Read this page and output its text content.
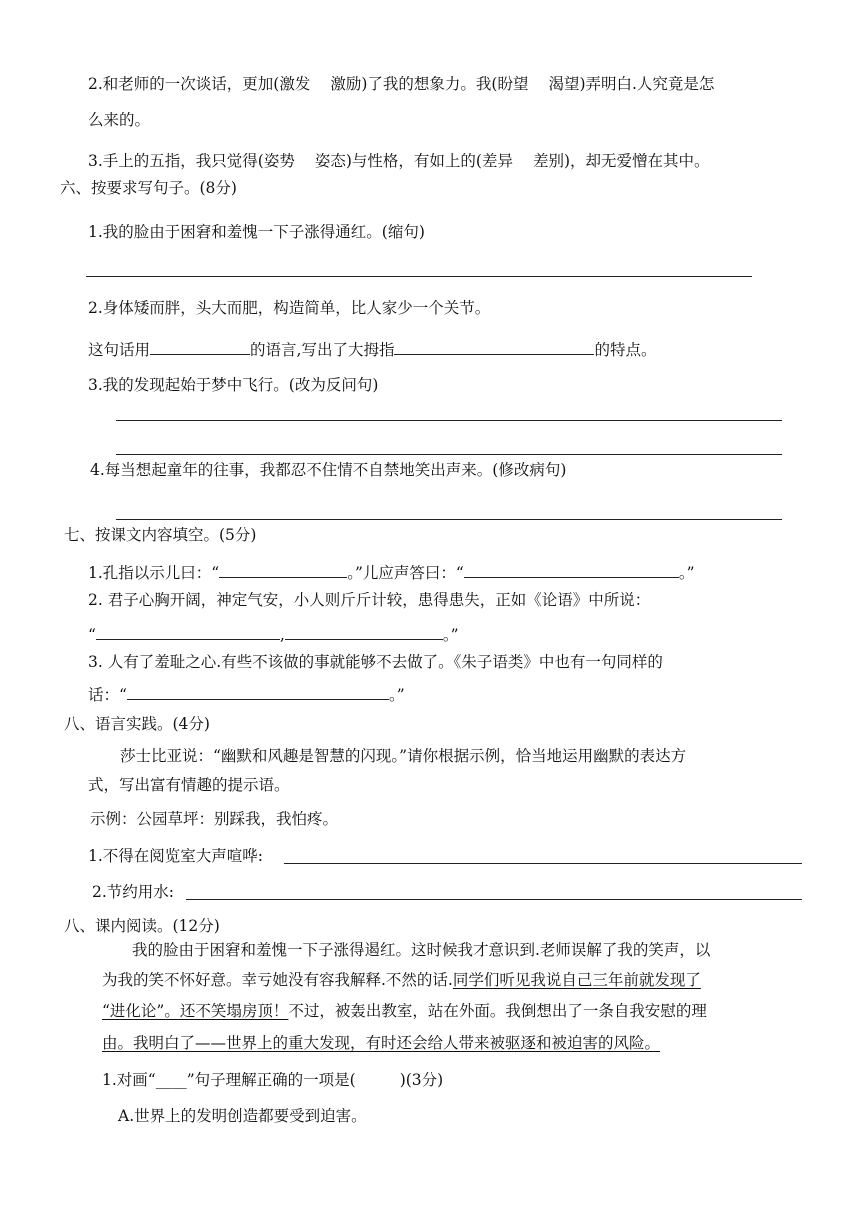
2.和老师的一次谈话，更加(激发 激励)了我的想象力。我(盼望 渴望)弄明白.人究竟是怎
么来的。
3.手上的五指，我只觉得(姿势 姿态)与性格，有如上的(差异 差别)，却无爱憎在其中。
六、按要求写句子。(8分)
1.我的脸由于困窘和羞愧一下子涨得通红。(缩句)
2.身体矮而胖，头大而肥，构造简单，比人家少一个关节。
这句话用	的语言,写出了大拇指	的特点。
3.我的发现起始于梦中飞行。(改为反问句)
4.每当想起童年的往事，我都忍不住情不自禁地笑出声来。(修改病句)
七、按课文内容填空。(5分)
1.孔指以示儿曰：“	。”儿应声答曰：“	。”
2. 君子心胸开阔，神定气安，小人则斤斤计较，患得患失，正如《论语》中所说：
“	,	。”
3. 人有了羞耻之心.有些不该做的事就能够不去做了。《朱子语类》中也有一句同样的
话：“	。”
八、语言实践。(4分)
莎士比亚说：“幽默和风趣是智慧的闪现。”请你根据示例，恰当地运用幽默的表达方
式，写出富有情趣的提示语。
示例：公园草坪：别踩我，我怕疼。
1.不得在阅览室大声喧哗:
2.节约用水:
八、课内阅读。(12分)
我的脸由于困窘和羞愧一下子涨得遏红。这时候我才意识到.老师误解了我的笑声，以
为我的笑不怀好意。幸亏她没有容我解释.不然的话.同学们听见我说自己三年前就发现了
“进化论”。还不笑塌房顶！不过，被轰出教室，站在外面。我倒想出了一条自我安慰的理
由。我明白了——世界上的重大发现，有时还会给人带来被驱逐和被迫害的风险。
1.对画“____”句子理解正确的一项是(	)(3分)
A.世界上的发明创造都要受到迫害。
